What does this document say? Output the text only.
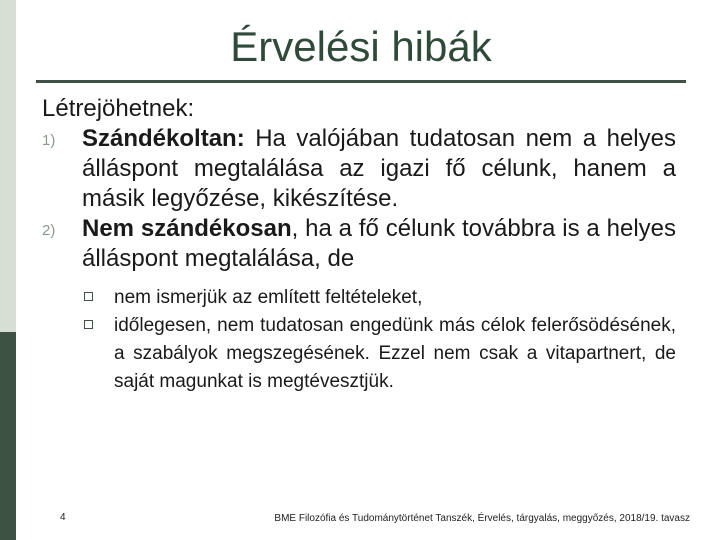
Érvelési hibák
Létrejöhetnek:
1) Szándékoltan: Ha valójában tudatosan nem a helyes álláspont megtalálása az igazi fő célunk, hanem a másik legyőzése, kikészítése.
2) Nem szándékosan, ha a fő célunk továbbra is a helyes álláspont megtalálása, de
nem ismerjük az említett feltételeket,
időlegesen, nem tudatosan engedünk más célok felerősödésének, a szabályok megszegésének. Ezzel nem csak a vitapartnert, de saját magunkat is megtévesztjük.
4	BME Filozófia és Tudománytörténet Tanszék, Érvelés, tárgyalás, meggyőzés, 2018/19. tavasz
